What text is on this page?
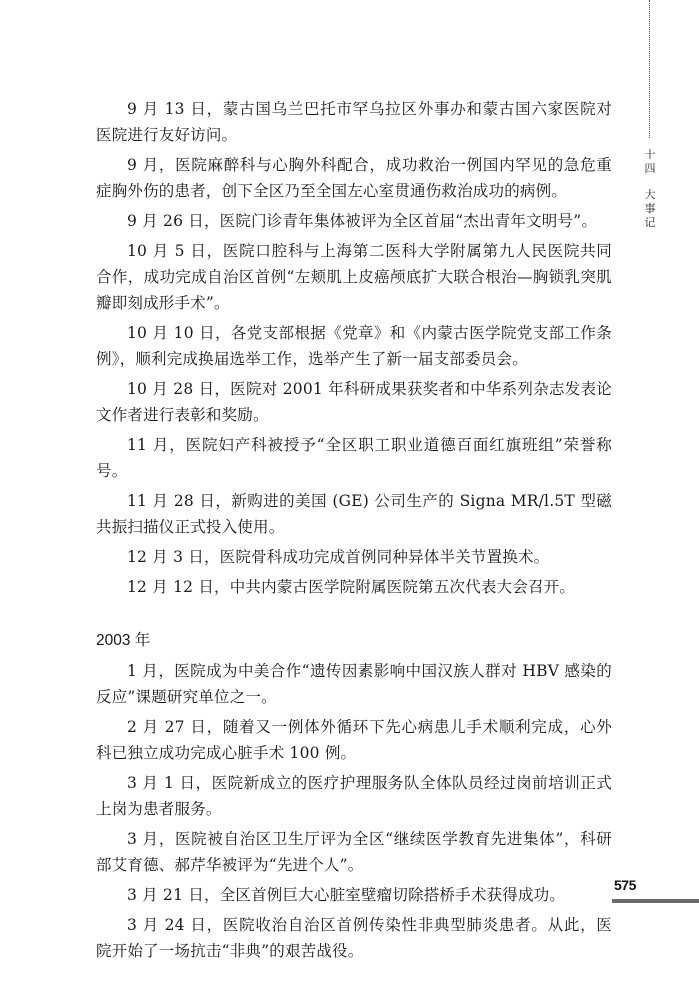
十
四
大
事
记

9 月 13 日，蒙古国乌兰巴托市罕乌拉区外事办和蒙古国六家医院对医院进行友好访问。

9 月，医院麻醉科与心胸外科配合，成功救治一例国内罕见的急危重症胸外伤的患者，创下全区乃至全国左心室贯通伤救治成功的病例。

9 月 26 日，医院门诊青年集体被评为全区首届“杰出青年文明号”。

10 月 5 日，医院口腔科与上海第二医科大学附属第九人民医院共同合作，成功完成自治区首例“左颊肌上皮癌颅底扩大联合根治—胸锁乳突肌瓣即刻成形手术”。

10 月 10 日，各党支部根据《党章》和《内蒙古医学院党支部工作条例》，顺利完成换届选举工作，选举产生了新一届支部委员会。

10 月 28 日，医院对 2001 年科研成果获奖者和中华系列杂志发表论文作者进行表彰和奖励。

11 月，医院妇产科被授予“全区职工职业道德百面红旗班组”荣誉称号。

11 月 28 日，新购进的美国 (GE) 公司生产的 Signa MR/l.5T 型磁共振扫描仪正式投入使用。

12 月 3 日，医院骨科成功完成首例同种异体半关节置换术。

12 月 12 日，中共内蒙古医学院附属医院第五次代表大会召开。

2003 年

1 月，医院成为中美合作“遗传因素影响中国汉族人群对 HBV 感染的反应”课题研究单位之一。

2 月 27 日，随着又一例体外循环下先心病患儿手术顺利完成，心外科已独立成功完成心脏手术 100 例。

3 月 1 日，医院新成立的医疗护理服务队全体队员经过岗前培训正式上岗为患者服务。

3 月，医院被自治区卫生厅评为全区“继续医学教育先进集体”，科研部艾育德、郝芹华被评为“先进个人”。

3 月 21 日，全区首例巨大心脏室壁瘤切除搭桥手术获得成功。

3 月 24 日，医院收治自治区首例传染性非典型肺炎患者。从此，医院开始了一场抗击“非典”的艰苦战役。

575
